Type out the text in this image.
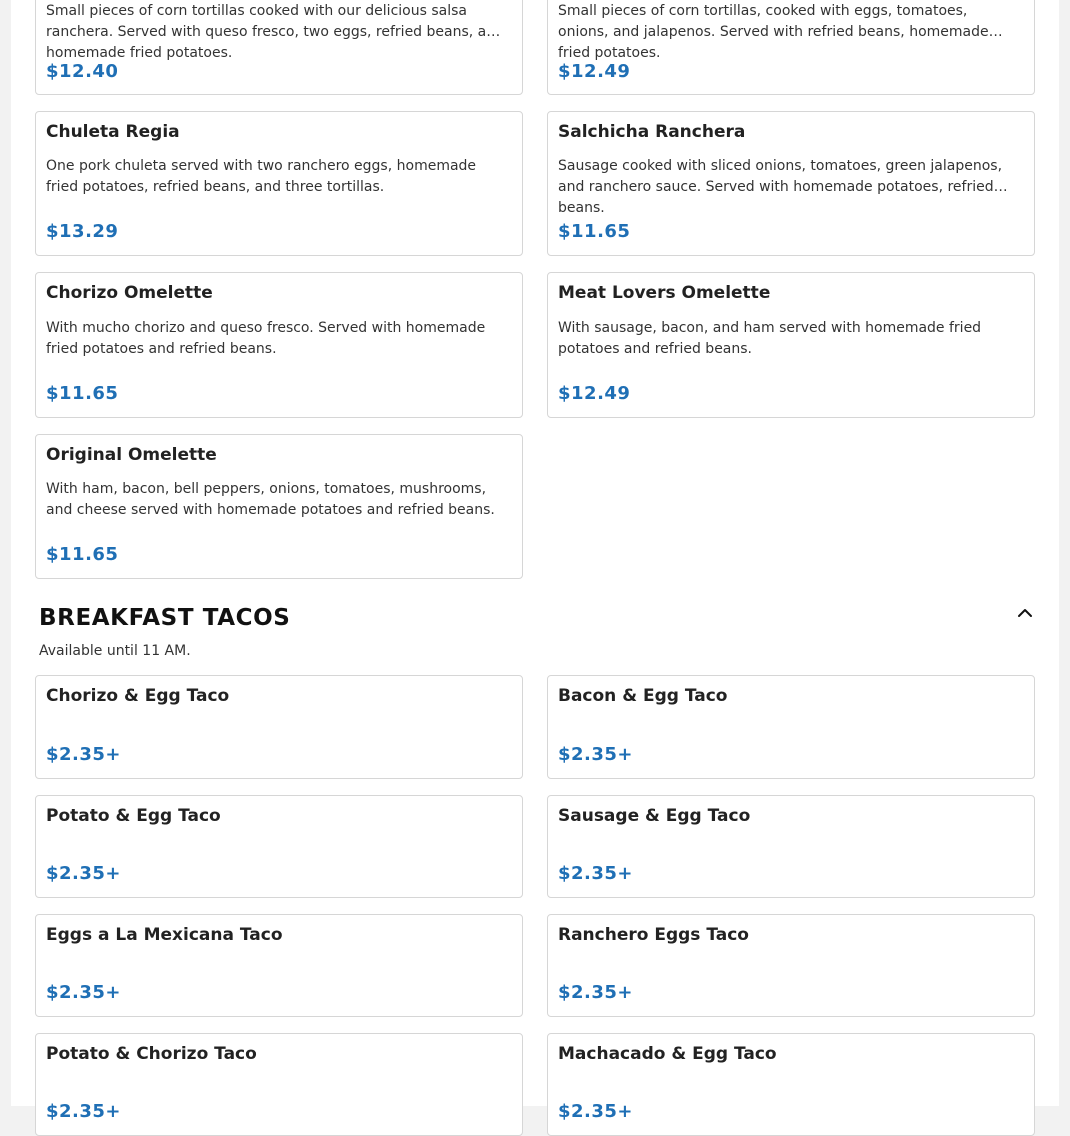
Small pieces of corn tortillas cooked with our delicious salsa ranchera. Served with queso fresco, two eggs, refried beans, and homemade fried potatoes.
$12.40
Small pieces of corn tortillas, cooked with eggs, tomatoes, onions, and jalapenos. Served with refried beans, homemade fried potatoes.
$12.49
Chuleta Regia
One pork chuleta served with two ranchero eggs, homemade fried potatoes, refried beans, and three tortillas.
$13.29
Salchicha Ranchera
Sausage cooked with sliced onions, tomatoes, green jalapenos, and ranchero sauce. Served with homemade potatoes, refried beans.
$11.65
Chorizo Omelette
With mucho chorizo and queso fresco. Served with homemade fried potatoes and refried beans.
$11.65
Meat Lovers Omelette
With sausage, bacon, and ham served with homemade fried potatoes and refried beans.
$12.49
Original Omelette
With ham, bacon, bell peppers, onions, tomatoes, mushrooms, and cheese served with homemade potatoes and refried beans.
$11.65
BREAKFAST TACOS
Available until 11 AM.
Chorizo & Egg Taco
$2.35+
Bacon & Egg Taco
$2.35+
Potato & Egg Taco
$2.35+
Sausage & Egg Taco
$2.35+
Eggs a La Mexicana Taco
$2.35+
Ranchero Eggs Taco
$2.35+
Potato & Chorizo Taco
$2.35+
Machacado & Egg Taco
$2.35+
